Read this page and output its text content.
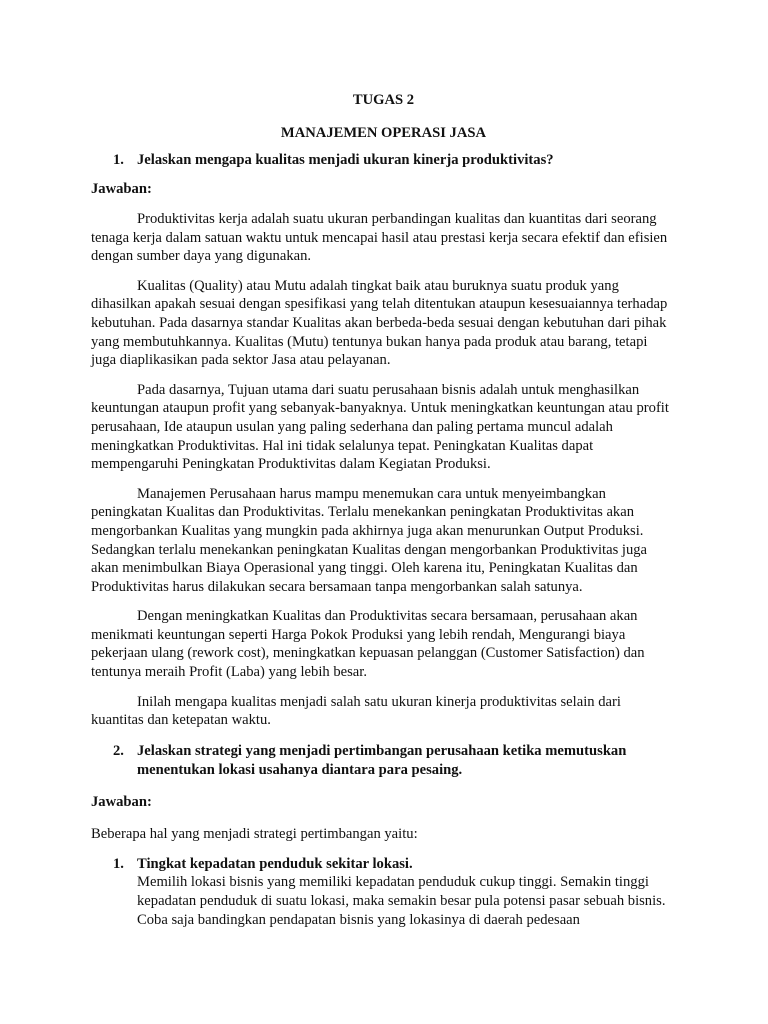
TUGAS 2

MANAJEMEN OPERASI JASA

1. Jelaskan mengapa kualitas menjadi ukuran kinerja produktivitas?

Jawaban:

Produktivitas kerja adalah suatu ukuran perbandingan kualitas dan kuantitas dari seorang tenaga kerja dalam satuan waktu untuk mencapai hasil atau prestasi kerja secara efektif dan efisien dengan sumber daya yang digunakan.

Kualitas (Quality) atau Mutu adalah tingkat baik atau buruknya suatu produk yang dihasilkan apakah sesuai dengan spesifikasi yang telah ditentukan ataupun kesesuaiannya terhadap kebutuhan. Pada dasarnya standar Kualitas akan berbeda-beda sesuai dengan kebutuhan dari pihak yang membutuhkannya. Kualitas (Mutu) tentunya bukan hanya pada produk atau barang, tetapi juga diaplikasikan pada sektor Jasa atau pelayanan.

Pada dasarnya, Tujuan utama dari suatu perusahaan bisnis adalah untuk menghasilkan keuntungan ataupun profit yang sebanyak-banyaknya. Untuk meningkatkan keuntungan atau profit perusahaan, Ide ataupun usulan yang paling sederhana dan paling pertama muncul adalah meningkatkan Produktivitas. Hal ini tidak selalunya tepat. Peningkatan Kualitas dapat mempengaruhi Peningkatan Produktivitas dalam Kegiatan Produksi.

Manajemen Perusahaan harus mampu menemukan cara untuk menyeimbangkan peningkatan Kualitas dan Produktivitas. Terlalu menekankan peningkatan Produktivitas akan mengorbankan Kualitas yang mungkin pada akhirnya juga akan menurunkan Output Produksi. Sedangkan terlalu menekankan peningkatan Kualitas dengan mengorbankan Produktivitas juga akan menimbulkan Biaya Operasional yang tinggi. Oleh karena itu, Peningkatan Kualitas dan Produktivitas harus dilakukan secara bersamaan tanpa mengorbankan salah satunya.

Dengan meningkatkan Kualitas dan Produktivitas secara bersamaan, perusahaan akan menikmati keuntungan seperti Harga Pokok Produksi yang lebih rendah, Mengurangi biaya pekerjaan ulang (rework cost), meningkatkan kepuasan pelanggan (Customer Satisfaction) dan tentunya meraih Profit (Laba) yang lebih besar.

Inilah mengapa kualitas menjadi salah satu ukuran kinerja produktivitas selain dari kuantitas dan ketepatan waktu.

2. Jelaskan strategi yang menjadi pertimbangan perusahaan ketika memutuskan menentukan lokasi usahanya diantara para pesaing.

Jawaban:

Beberapa hal yang menjadi strategi pertimbangan yaitu:

1. Tingkat kepadatan penduduk sekitar lokasi.
Memilih lokasi bisnis yang memiliki kepadatan penduduk cukup tinggi. Semakin tinggi kepadatan penduduk di suatu lokasi, maka semakin besar pula potensi pasar sebuah bisnis. Coba saja bandingkan pendapatan bisnis yang lokasinya di daerah pedesaan
